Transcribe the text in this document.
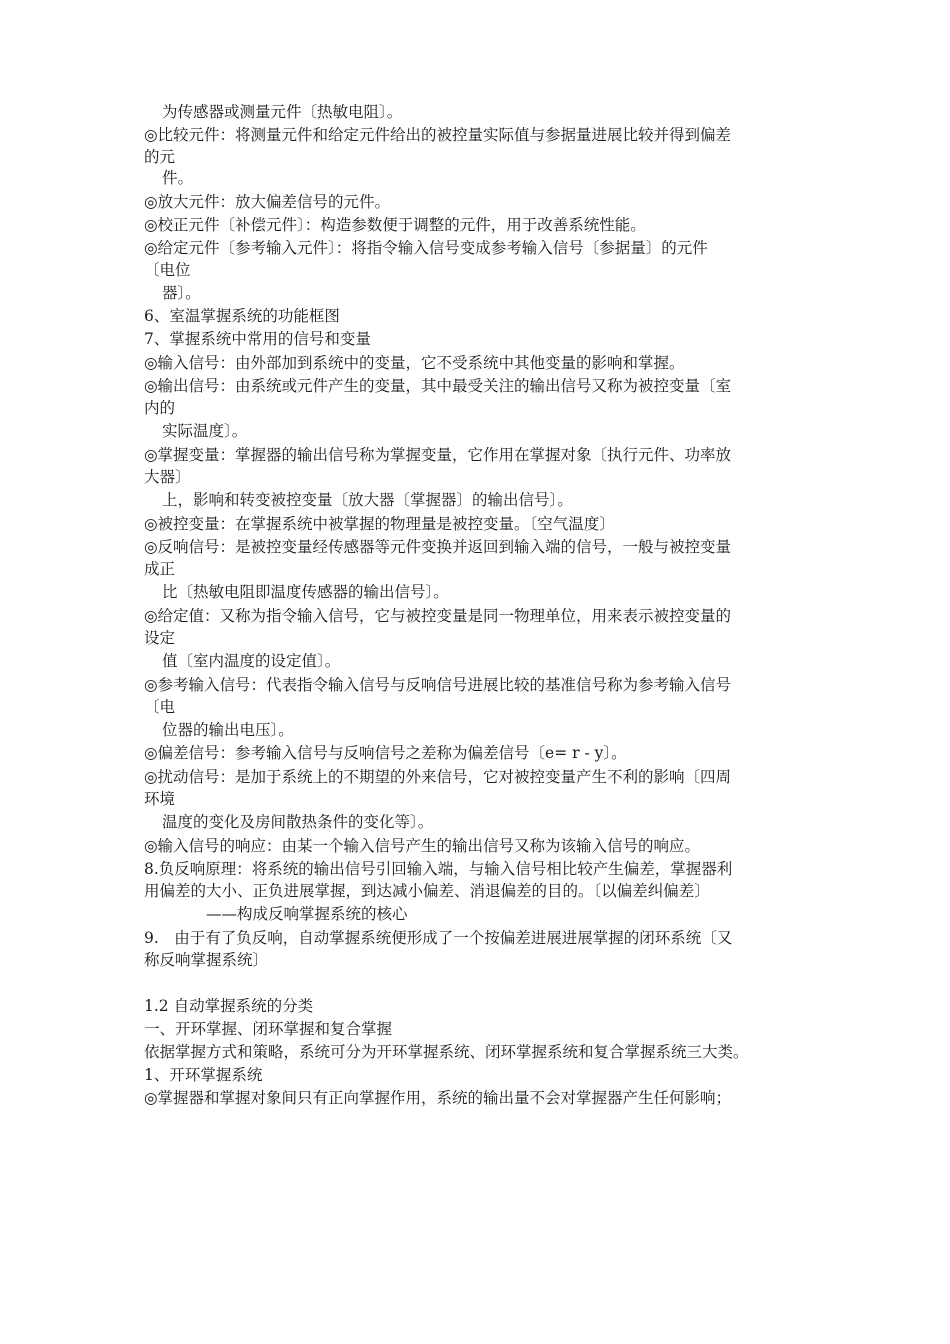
为传感器或测量元件〔热敏电阻〕。
◎比较元件：将测量元件和给定元件给出的被控量实际值与参据量进展比较并得到偏差
的元
件。
◎放大元件：放大偏差信号的元件。
◎校正元件〔补偿元件〕：构造参数便于调整的元件，用于改善系统性能。
◎给定元件〔参考输入元件〕：将指令输入信号变成参考输入信号〔参据量〕的元件
〔电位
器〕。
6、室温掌握系统的功能框图
7、掌握系统中常用的信号和变量
◎输入信号：由外部加到系统中的变量，它不受系统中其他变量的影响和掌握。
◎输出信号：由系统或元件产生的变量，其中最受关注的输出信号又称为被控变量〔室
内的
实际温度〕。
◎掌握变量：掌握器的输出信号称为掌握变量，它作用在掌握对象〔执行元件、功率放
大器〕
上，影响和转变被控变量〔放大器〔掌握器〕的输出信号〕。
◎被控变量：在掌握系统中被掌握的物理量是被控变量。〔空气温度〕
◎反响信号：是被控变量经传感器等元件变换并返回到输入端的信号，一般与被控变量
成正
比〔热敏电阻即温度传感器的输出信号〕。
◎给定值：又称为指令输入信号，它与被控变量是同一物理单位，用来表示被控变量的
设定
值〔室内温度的设定值〕。
◎参考输入信号：代表指令输入信号与反响信号进展比较的基准信号称为参考输入信号
〔电
位器的输出电压〕。
◎偏差信号：参考输入信号与反响信号之差称为偏差信号〔e= r - y〕。
◎扰动信号：是加于系统上的不期望的外来信号，它对被控变量产生不利的影响〔四周
环境
温度的变化及房间散热条件的变化等〕。
◎输入信号的响应：由某一个输入信号产生的输出信号又称为该输入信号的响应。
8.负反响原理：将系统的输出信号引回输入端，与输入信号相比较产生偏差，掌握器利
用偏差的大小、正负进展掌握，到达减小偏差、消退偏差的目的。〔以偏差纠偏差〕
——构成反响掌握系统的核心
9.　由于有了负反响，自动掌握系统便形成了一个按偏差进展进展掌握的闭环系统〔又
称反响掌握系统〕
1.2 自动掌握系统的分类
一、开环掌握、闭环掌握和复合掌握
依据掌握方式和策略，系统可分为开环掌握系统、闭环掌握系统和复合掌握系统三大类。
1、开环掌握系统
◎掌握器和掌握对象间只有正向掌握作用，系统的输出量不会对掌握器产生任何影响；
